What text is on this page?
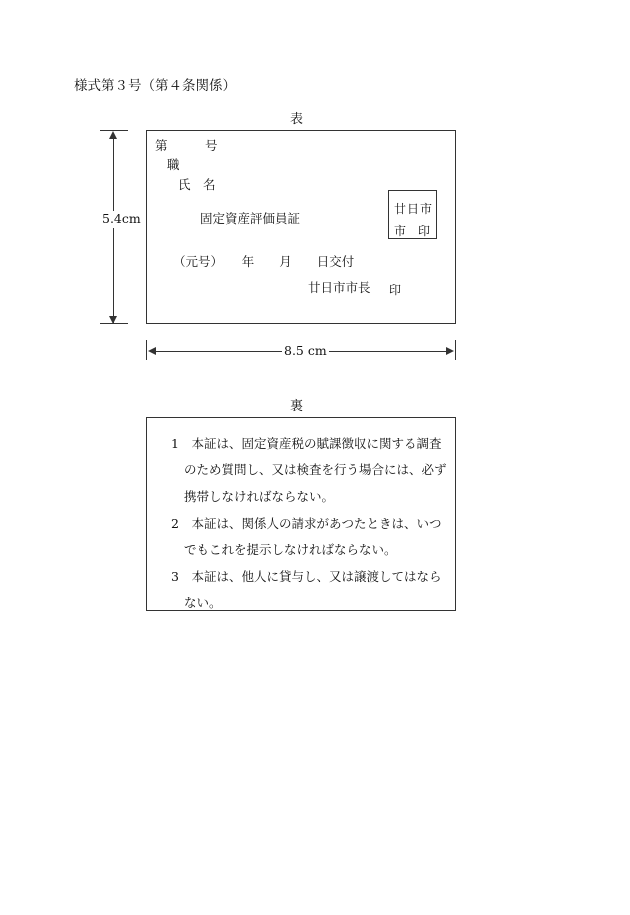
様式第３号（第４条関係）
表
第　　　号
職
氏　名
固定資産評価員証
廿日市
市　印
（元号）　　年　　月　　日交付
廿日市市長 印
5.4cm
8.5 cm
裏
1　本証は、固定資産税の賦課徴収に関する調査
のため質問し、又は検査を行う場合には、必ず
携帯しなければならない。
2　本証は、関係人の請求があつたときは、いつ
でもこれを提示しなければならない。
3　本証は、他人に貸与し、又は譲渡してはなら
ない。
